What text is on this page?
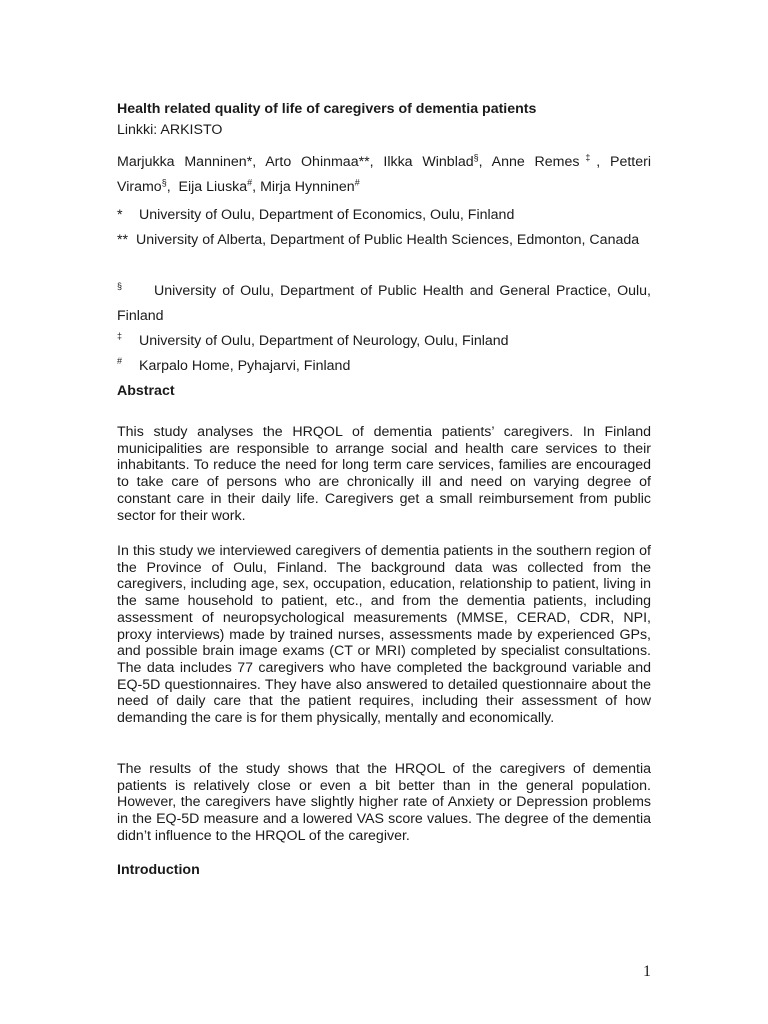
Health related quality of life of caregivers of dementia patients
Linkki: ARKISTO
Marjukka Manninen*, Arto Ohinmaa**, Ilkka Winblad§, Anne Remes‡, Petteri Viramo§,  Eija Liuska#, Mirja Hynninen#
* University of Oulu, Department of Economics, Oulu, Finland
** University of Alberta, Department of Public Health Sciences, Edmonton, Canada
§ University of Oulu, Department of Public Health and General Practice, Oulu, Finland
‡ University of Oulu, Department of Neurology, Oulu, Finland
# Karpalo Home, Pyhajarvi, Finland
Abstract
This study analyses the HRQOL of dementia patients’ caregivers. In Finland municipalities are responsible to arrange social and health care services to their inhabitants. To reduce the need for long term care services, families are encouraged to take care of persons who are chronically ill and need on varying degree of constant care in their daily life. Caregivers get a small reimbursement from public sector for their work.
In this study we interviewed caregivers of dementia patients in the southern region of the Province of Oulu, Finland. The background data was collected from the caregivers, including age, sex, occupation, education, relationship to patient, living in the same household to patient, etc., and from the dementia patients, including assessment of neuropsychological measurements (MMSE, CERAD, CDR, NPI, proxy interviews) made by trained nurses, assessments made by experienced GPs, and possible brain image exams (CT or MRI) completed by specialist consultations. The data includes 77 caregivers who have completed the background variable and EQ-5D questionnaires. They have also answered to detailed questionnaire about the need of daily care that the patient requires, including their assessment of how demanding the care is for them physically, mentally and economically.
The results of the study shows that the HRQOL of the caregivers of dementia patients is relatively close or even a bit better than in the general population. However, the caregivers have slightly higher rate of Anxiety or Depression problems in the EQ-5D measure and a lowered VAS score values. The degree of the dementia didn’t influence to the HRQOL of the caregiver.
Introduction
1
